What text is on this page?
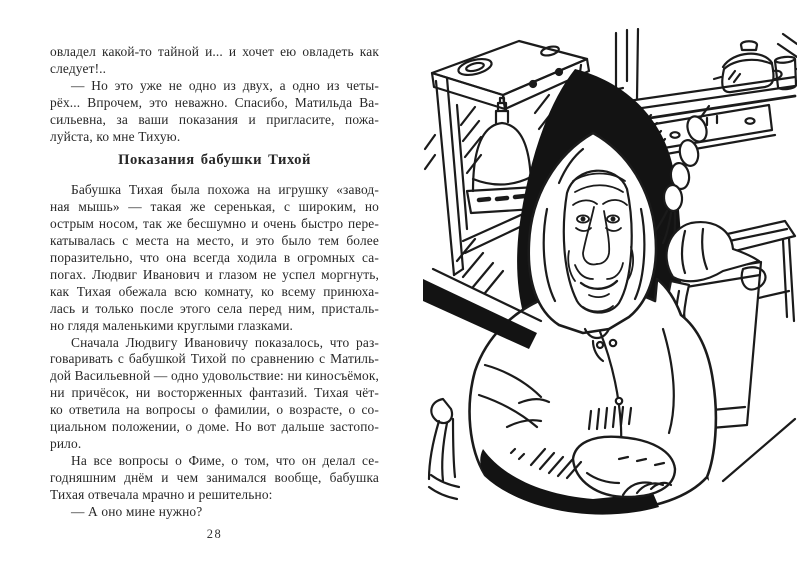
овладел какой-то тайной и... и хочет ею овладеть как
следует!..
— Но это уже не одно из двух, а одно из четы-
рёх... Впрочем, это неважно. Спасибо, Матильда Ва-
сильевна, за ваши показания и пригласите, пожа-
луйста, ко мне Тихую.
Показания бабушки Тихой
Бабушка Тихая была похожа на игрушку «завод-
ная мышь» — такая же серенькая, с широким, но
острым носом, так же бесшумно и очень быстро пере-
катывалась с места на место, и это было тем более
поразительно, что она всегда ходила в огромных са-
погах. Людвиг Иванович и глазом не успел моргнуть,
как Тихая обежала всю комнату, ко всему принюха-
лась и только после этого села перед ним, присталь-
но глядя маленькими круглыми глазками.
Сначала Людвигу Ивановичу показалось, что раз-
говаривать с бабушкой Тихой по сравнению с Матиль-
дой Васильевной — одно удовольствие: ни киносъёмок,
ни причёсок, ни восторженных фантазий. Тихая чёт-
ко ответила на вопросы о фамилии, о возрасте, о со-
циальном положении, о доме. Но вот дальше застопо-
рило.
На все вопросы о Фиме, о том, что он делал се-
годняшним днём и чем занимался вообще, бабушка
Тихая отвечала мрачно и решительно:
— А оно мине нужно?
28
